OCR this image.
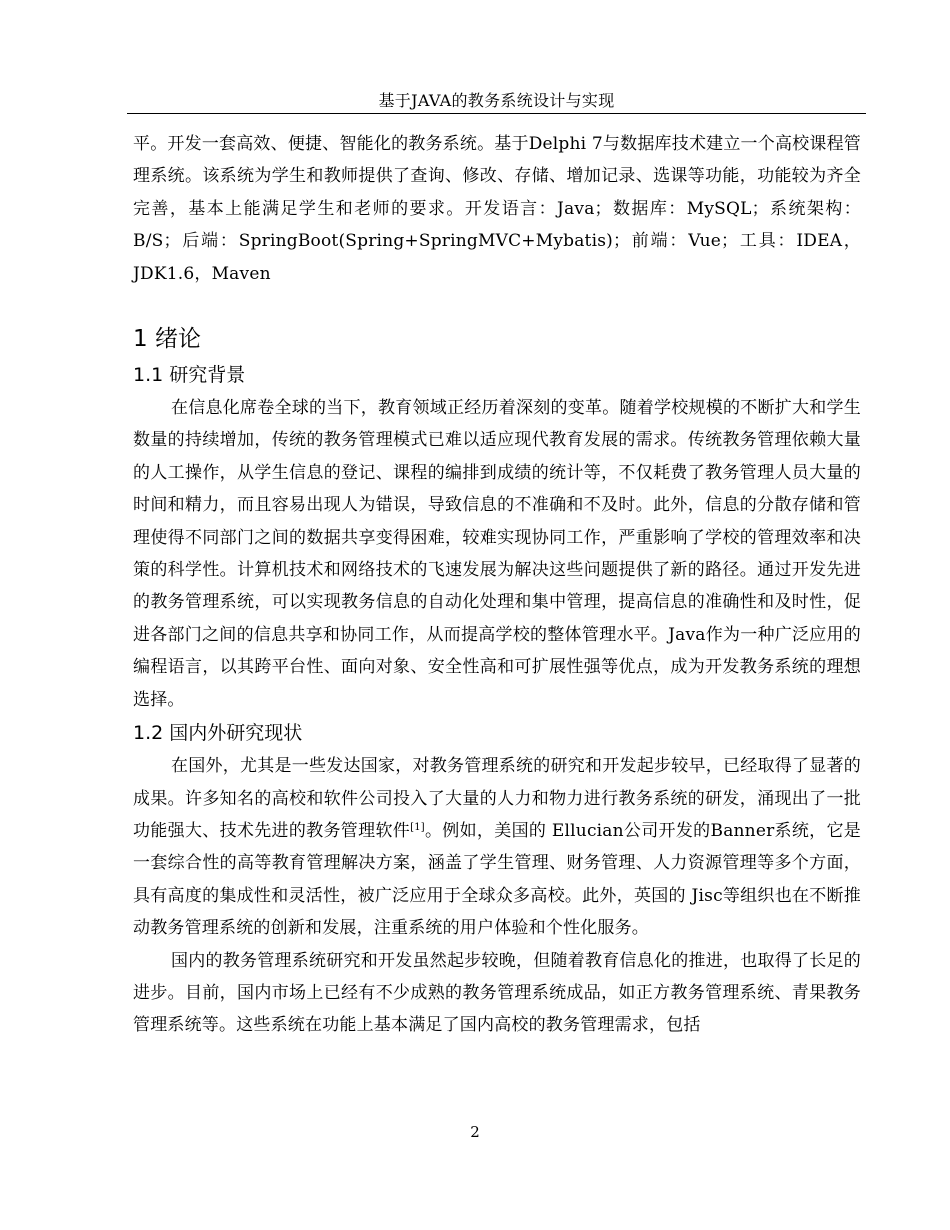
基于JAVA的教务系统设计与实现

平。开发一套高效、便捷、智能化的教务系统。基于Delphi 7与数据库技术建立一个高校课程管理系统。该系统为学生和教师提供了查询、修改、存储、增加记录、选课等功能，功能较为齐全完善，基本上能满足学生和老师的要求。开发语言：Java；数据库：MySQL；系统架构：B/S；后端：SpringBoot(Spring+SpringMVC+Mybatis)；前端：Vue；工具：IDEA，JDK1.6，Maven

1 绪论
1.1 研究背景

在信息化席卷全球的当下，教育领域正经历着深刻的变革。随着学校规模的不断扩大和学生数量的持续增加，传统的教务管理模式已难以适应现代教育发展的需求。传统教务管理依赖大量的人工操作，从学生信息的登记、课程的编排到成绩的统计等，不仅耗费了教务管理人员大量的时间和精力，而且容易出现人为错误，导致信息的不准确和不及时。此外，信息的分散存储和管理使得不同部门之间的数据共享变得困难，较难实现协同工作，严重影响了学校的管理效率和决策的科学性。计算机技术和网络技术的飞速发展为解决这些问题提供了新的路径。通过开发先进的教务管理系统，可以实现教务信息的自动化处理和集中管理，提高信息的准确性和及时性，促进各部门之间的信息共享和协同工作，从而提高学校的整体管理水平。Java作为一种广泛应用的编程语言，以其跨平台性、面向对象、安全性高和可扩展性强等优点，成为开发教务系统的理想选择。

1.2 国内外研究现状

在国外，尤其是一些发达国家，对教务管理系统的研究和开发起步较早，已经取得了显著的成果。许多知名的高校和软件公司投入了大量的人力和物力进行教务系统的研发，涌现出了一批功能强大、技术先进的教务管理软件[1]。例如，美国的 Ellucian公司开发的Banner系统，它是一套综合性的高等教育管理解决方案，涵盖了学生管理、财务管理、人力资源管理等多个方面，具有高度的集成性和灵活性，被广泛应用于全球众多高校。此外，英国的 Jisc等组织也在不断推动教务管理系统的创新和发展，注重系统的用户体验和个性化服务。

国内的教务管理系统研究和开发虽然起步较晚，但随着教育信息化的推进，也取得了长足的进步。目前，国内市场上已经有不少成熟的教务管理系统成品，如正方教务管理系统、青果教务管理系统等。这些系统在功能上基本满足了国内高校的教务管理需求，包括

2
